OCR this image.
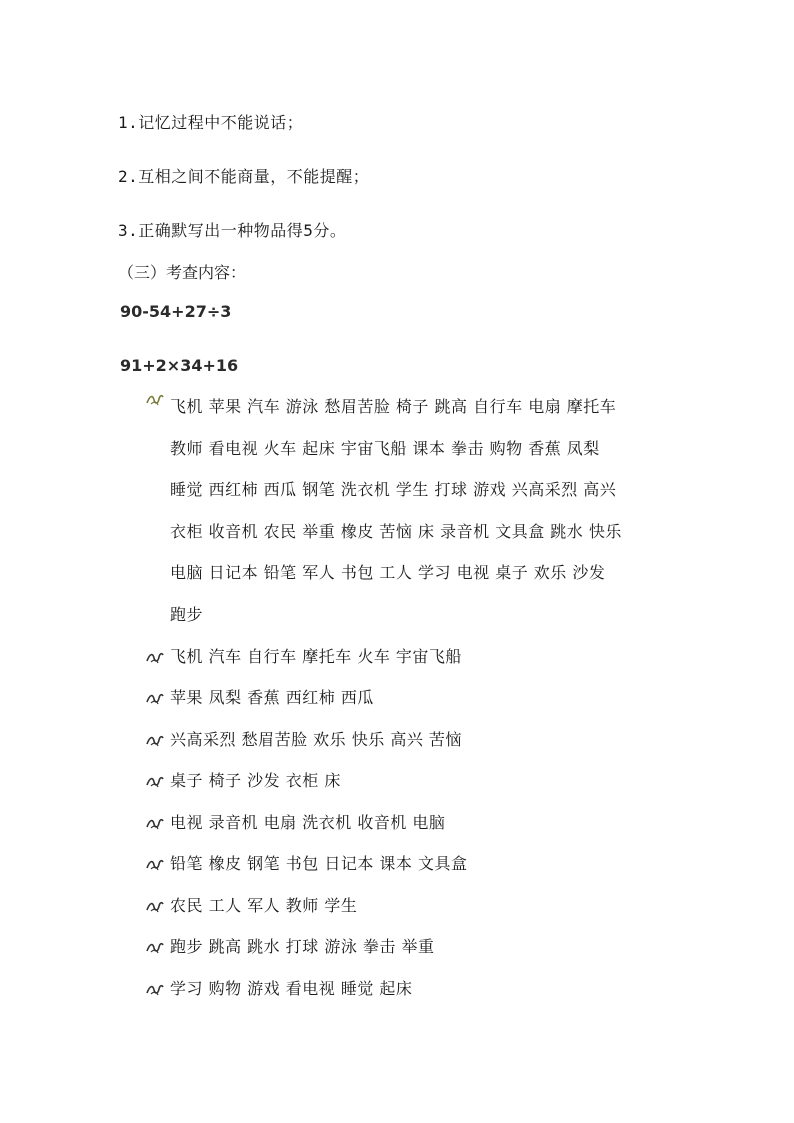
1.记忆过程中不能说话；
2.互相之间不能商量，不能提醒；
3.正确默写出一种物品得5分。
（三）考查内容：
90-54+27÷3
91+2×34+16
飞机 苹果 汽车 游泳 愁眉苦脸 椅子 跳高 自行车 电扇 摩托车
教师 看电视 火车 起床 宇宙飞船 课本 拳击 购物 香蕉 凤梨
睡觉 西红柿 西瓜 钢笔 洗衣机 学生 打球 游戏 兴高采烈 高兴
衣柜 收音机 农民 举重 橡皮 苦恼 床 录音机 文具盒 跳水 快乐
电脑 日记本 铅笔 军人 书包 工人 学习 电视 桌子 欢乐 沙发
跑步
飞机 汽车 自行车 摩托车 火车 宇宙飞船
苹果 凤梨 香蕉 西红柿 西瓜
兴高采烈 愁眉苦脸 欢乐 快乐 高兴 苦恼
桌子 椅子 沙发 衣柜 床
电视 录音机 电扇 洗衣机 收音机 电脑
铅笔 橡皮 钢笔 书包 日记本 课本 文具盒
农民 工人 军人 教师 学生
跑步 跳高 跳水 打球 游泳 拳击 举重
学习 购物 游戏 看电视 睡觉 起床
